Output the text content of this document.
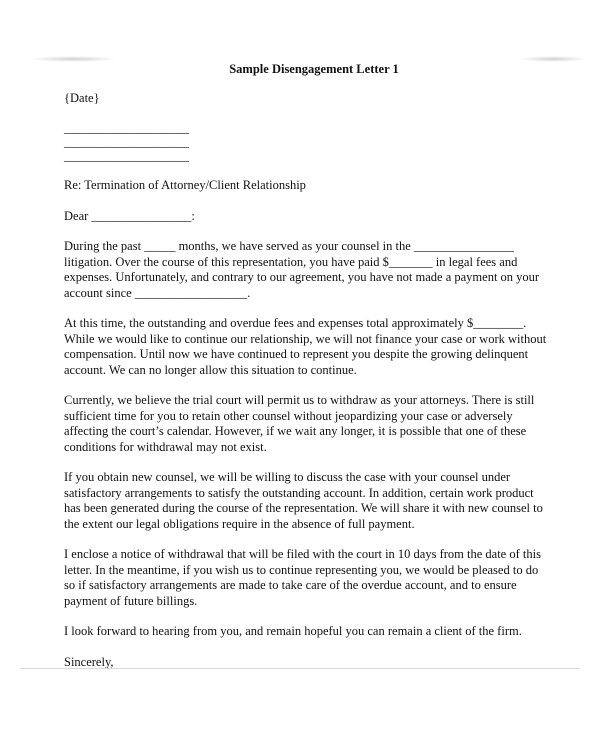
Sample Disengagement Letter 1
{Date}
____________________
____________________
____________________
Re: Termination of Attorney/Client Relationship
Dear ________________:
During the past _____ months, we have served as your counsel in the ________________
litigation. Over the course of this representation, you have paid $_______ in legal fees and
expenses. Unfortunately, and contrary to our agreement, you have not made a payment on your
account since __________________.
At this time, the outstanding and overdue fees and expenses total approximately $________.
While we would like to continue our relationship, we will not finance your case or work without
compensation. Until now we have continued to represent you despite the growing delinquent
account. We can no longer allow this situation to continue.
Currently, we believe the trial court will permit us to withdraw as your attorneys. There is still
sufficient time for you to retain other counsel without jeopardizing your case or adversely
affecting the court’s calendar. However, if we wait any longer, it is possible that one of these
conditions for withdrawal may not exist.
If you obtain new counsel, we will be willing to discuss the case with your counsel under
satisfactory arrangements to satisfy the outstanding account. In addition, certain work product
has been generated during the course of the representation. We will share it with new counsel to
the extent our legal obligations require in the absence of full payment.
I enclose a notice of withdrawal that will be filed with the court in 10 days from the date of this
letter. In the meantime, if you wish us to continue representing you, we would be pleased to do
so if satisfactory arrangements are made to take care of the overdue account, and to ensure
payment of future billings.
I look forward to hearing from you, and remain hopeful you can remain a client of the firm.
Sincerely,
